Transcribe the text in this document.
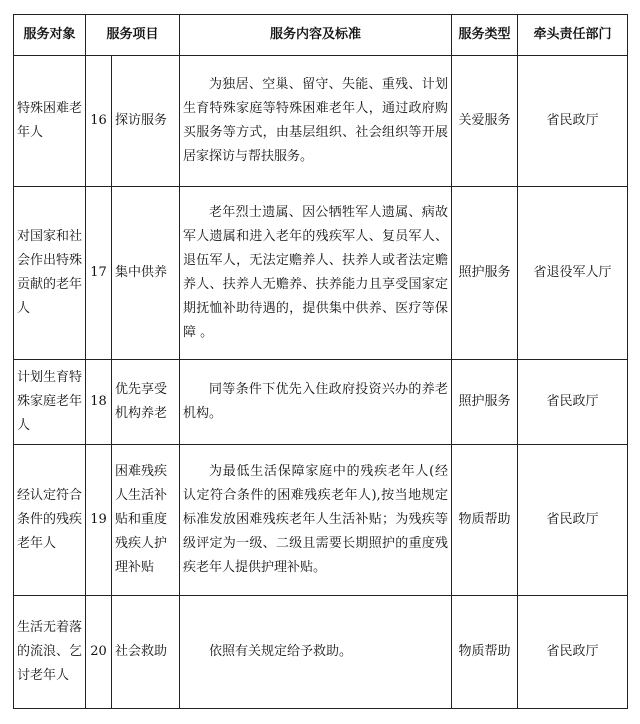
服务对象	服务项目		服务内容及标准	服务类型	牵头责任部门
特殊困难老年人	16	探访服务	为独居、空巢、留守、失能、重残、计划生育特殊家庭等特殊困难老年人，通过政府购买服务等方式，由基层组织、社会组织等开展居家探访与帮扶服务。	关爱服务	省民政厅
对国家和社会作出特殊贡献的老年人	17	集中供养	老年烈士遗属、因公牺牲军人遗属、病故军人遗属和进入老年的残疾军人、复员军人、退伍军人，无法定赡养人、扶养人或者法定赡养人、扶养人无赡养、扶养能力且享受国家定期抚恤补助待遇的，提供集中供养、医疗等保障 。	照护服务	省退役军人厅
计划生育特殊家庭老年人	18	优先享受机构养老	同等条件下优先入住政府投资兴办的养老机构。	照护服务	省民政厅
经认定符合条件的残疾老年人	19	困难残疾人生活补贴和重度残疾人护理补贴	为最低生活保障家庭中的残疾老年人(经认定符合条件的困难残疾老年人),按当地规定标准发放困难残疾老年人生活补贴；为残疾等级评定为一级、二级且需要长期照护的重度残疾老年人提供护理补贴。	物质帮助	省民政厅
生活无着落的流浪、乞讨老年人	20	社会救助	依照有关规定给予救助。	物质帮助	省民政厅
